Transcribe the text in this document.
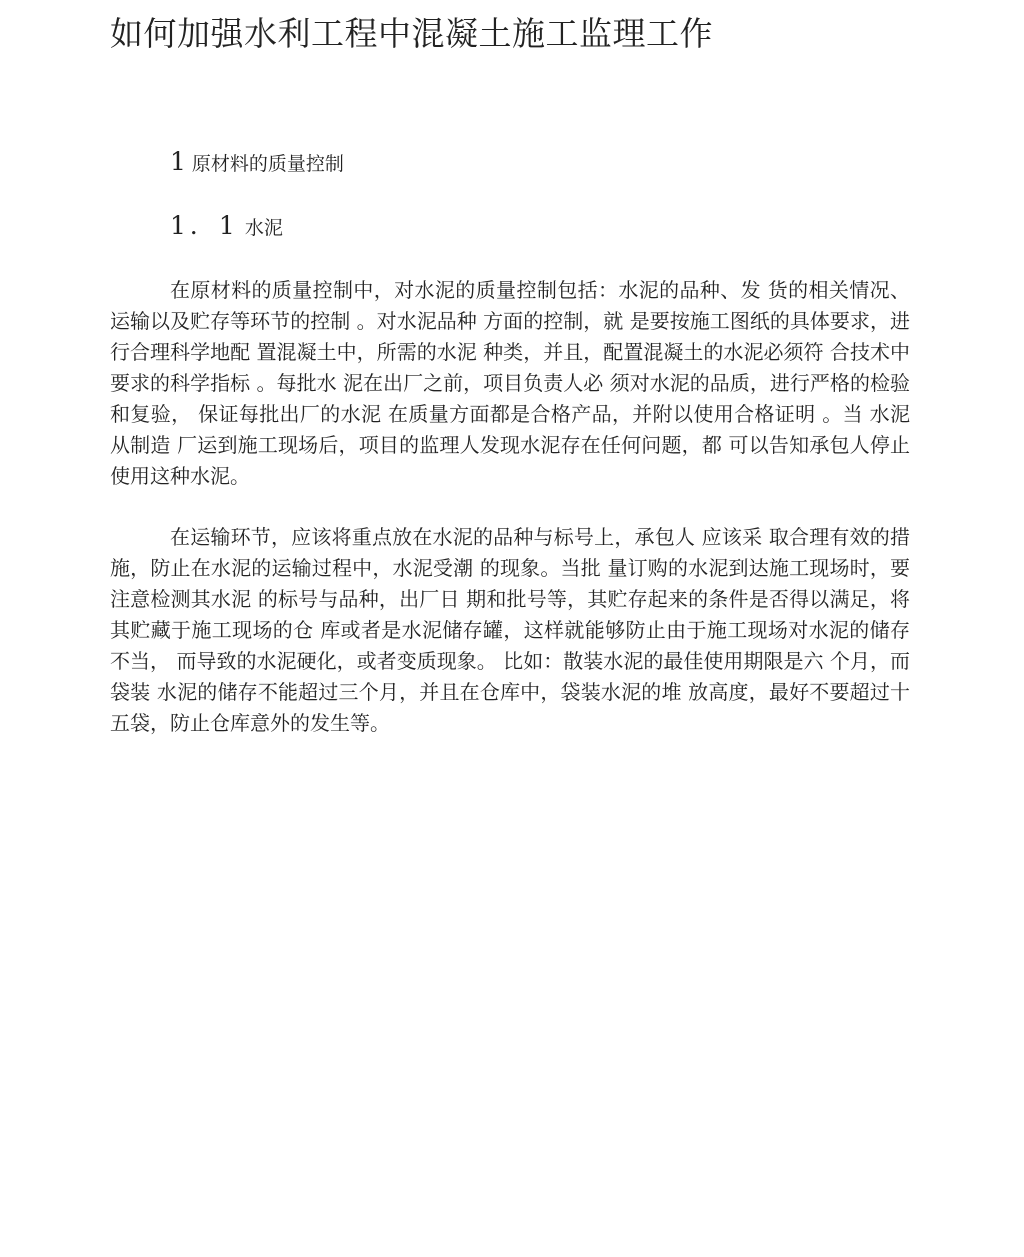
如何加强水利工程中混凝土施工监理工作
1 原材料的质量控制
1．1 水泥

在原材料的质量控制中，对水泥的质量控制包括：水泥的品种、发 货的相关情况、运输以及贮存等环节的控制 。对水泥品种 方面的控制，就 是要按施工图纸的具体要求，进行合理科学地配 置混凝土中，所需的水泥 种类，并且，配置混凝土的水泥必须符 合技术中要求的科学指标 。每批水 泥在出厂之前，项目负责人必 须对水泥的品质，进行严格的检验和复验， 保证每批出厂的水泥 在质量方面都是合格产品，并附以使用合格证明 。当 水泥从制造 厂运到施工现场后，项目的监理人发现水泥存在任何问题，都 可以告知承包人停止使用这种水泥。

在运输环节，应该将重点放在水泥的品种与标号上，承包人 应该采 取合理有效的措施，防止在水泥的运输过程中，水泥受潮 的现象。当批 量订购的水泥到达施工现场时，要注意检测其水泥 的标号与品种，出厂日 期和批号等，其贮存起来的条件是否得以满足，将其贮藏于施工现场的仓 库或者是水泥储存罐，这样就能够防止由于施工现场对水泥的储存不当， 而导致的水泥硬化，或者变质现象。 比如：散装水泥的最佳使用期限是六 个月，而袋装 水泥的储存不能超过三个月，并且在仓库中，袋装水泥的堆 放高度，最好不要超过十五袋，防止仓库意外的发生等。
